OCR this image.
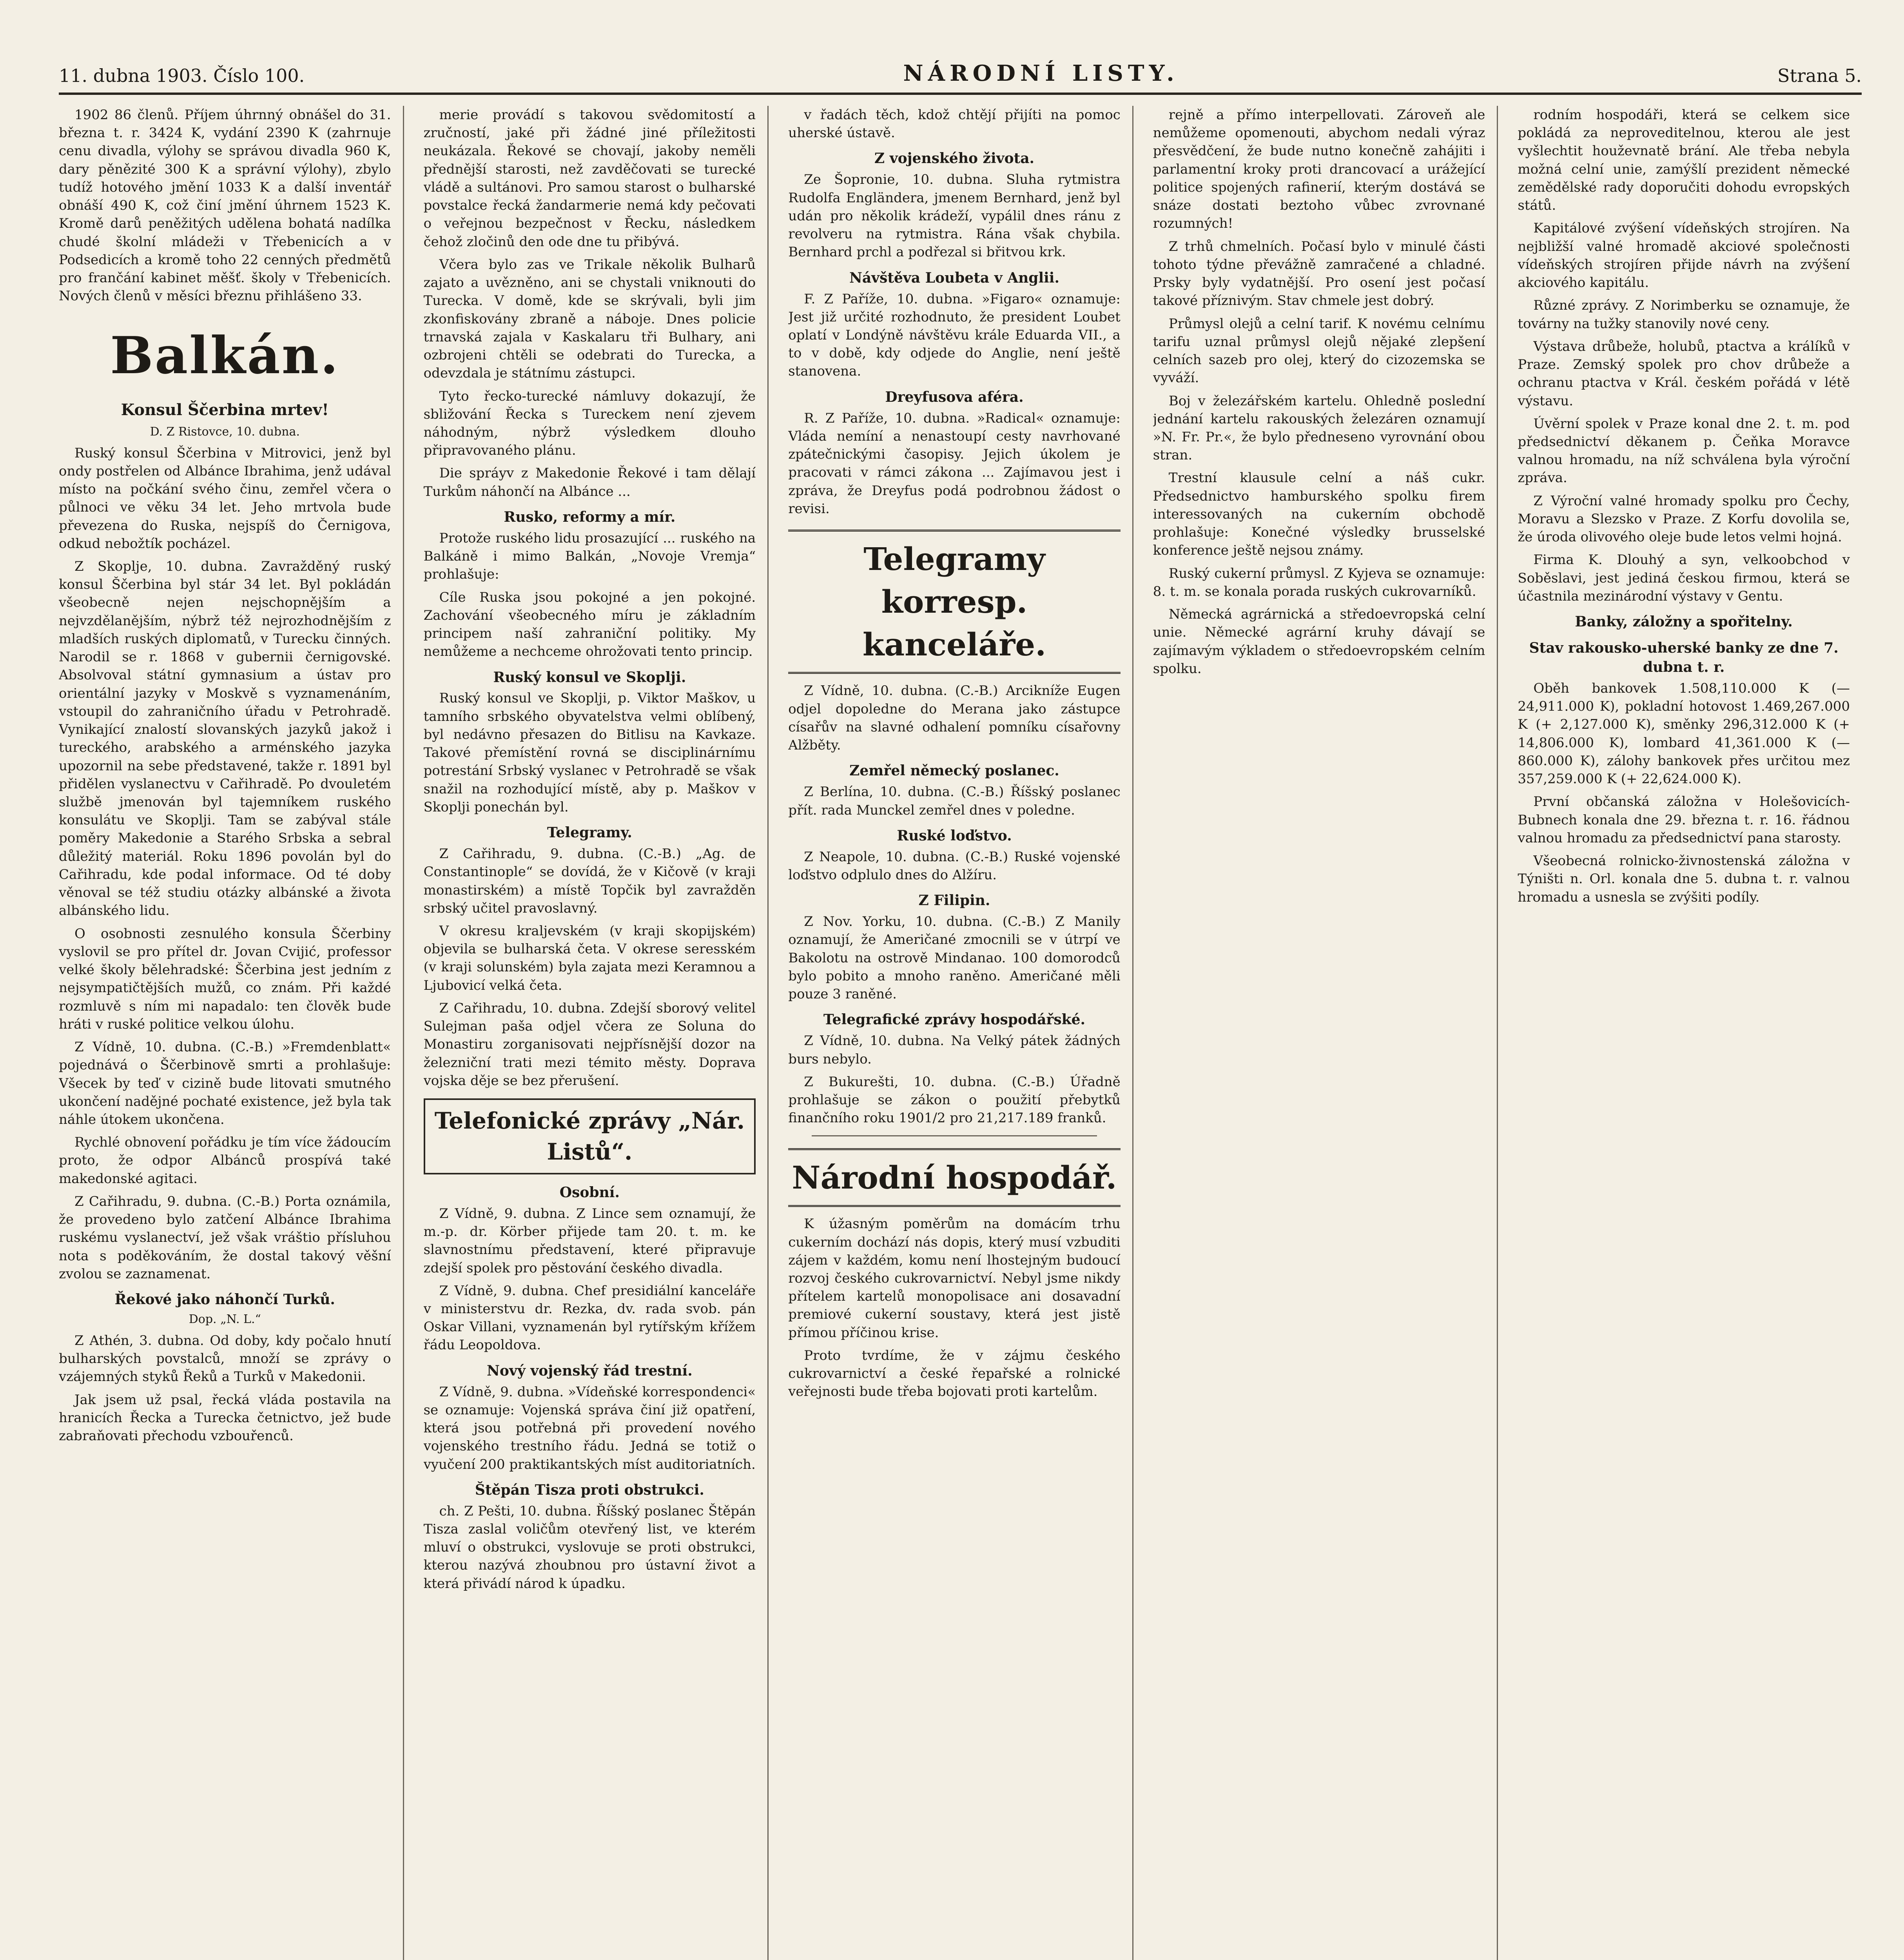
11. dubna 1903. Číslo 100.	NÁRODNÍ LISTY.	Strana 5.

1902 86 členů. Příjem úhrnný obnášel do 31. března t. r. 3424 K, vydání 2390 K (zahrnuje cenu divadla, výlohy se správou divadla 960 K, dary pěnězité 300 K a správní výlohy), zbylo tudíž hotového jmění 1033 K a další inventář obnáší 490 K, což činí jmění úhrnem 1523 K. Kromě darů peněžitých udělena bohatá nadílka chudé školní mládeži v Třebenicích a v Podsedicích a kromě toho 22 cenných předmětů pro frančání kabinet měšť. školy v Třebenicích. Nových členů v měsíci březnu přihlášeno 33.

Balkán.
Konsul Ščerbina mrtev!
D. Z Ristovce, 10. dubna.

Ruský konsul Ščerbina v Mitrovici, jenž byl ondy postřelen od Albánce Ibrahima, jenž udával místo na počkání svého činu, zemřel včera o půlnoci ve věku 34 let. Jeho mrtvola bude převezena do Ruska, nejspíš do Černigova, odkud nebožtík pocházel.

Z Skoplje, 10. dubna. Zavražděný ruský konsul Ščerbina byl stár 34 let. Byl pokládán všeobecně nejen nejschopnějším a nejvzdělanějším, nýbrž též nejrozhodnějším z mladších ruských diplomatů, v Turecku činných. Narodil se r. 1868 v gubernii černigovské. Absolvoval státní gymnasium a ústav pro orientální jazyky v Moskvě s vyznamenáním, vstoupil do zahraničního úřadu v Petrohradě. Vynikající znalostí slovanských jazyků jakož i tureckého, arabského a arménského jazyka upozornil na sebe představené, takže r. 1891 byl přidělen vyslanectvu v Cařihradě. Po dvouletém službě jmenován byl tajemníkem ruského konsulátu ve Skoplji. Tam se zabýval stále poměry Makedonie a Starého Srbska a sebral důležitý materiál. Roku 1896 povolán byl do Cařihradu, kde podal informace. Od té doby věnoval se též studiu otázky albánské a života albánského lidu.

O osobnosti zesnulého konsula Ščerbiny vyslovil se pro přítel dr. Jovan Cvijić, professor velké školy bělehradské: Ščerbina jest jedním z nejsympatičtějších mužů, co znám. Při každé rozmluvě s ním mi napadalo: ten člověk bude hráti v ruské politice velkou úlohu.

Z Vídně, 10. dubna. (C.-B.) »Fremdenblatt« pojednává o Ščerbinově smrti a prohlašuje: Všecek by teď v cizině bude litovati smutného ukončení nadějné pochaté existence, jež byla tak náhle útokem ukončena.

Rychlé obnovení pořádku je tím více žádoucím proto, že odpor Albánců prospívá také makedonské agitaci.

Z Cařihradu, 9. dubna. (C.-B.) Porta oznámila, že provedeno bylo zatčení Albánce Ibrahima ruskému vyslanectví, jež však vráštio přísluhou nota s poděkováním, že dostal takový věšní zvolou se zaznamenat.

Řekové jako náhončí Turků.
Dop. „N. L.“

Z Athén, 3. dubna. Od doby, kdy počalo hnutí bulharských povstalců, množí se zprávy o vzájemných styků Řeků a Turků v Makedonii.

Jak jsem už psal, řecká vláda postavila na hranicích Řecka a Turecka četnictvo, jež bude zabraňovati přechodu vzbouřenců.

merie provádí s takovou svědomitostí a zručností, jaké při žádné jiné příležitosti neukázala. Řekové se chovají, jakoby neměli přednější starosti, než zavděčovati se turecké vládě a sultánovi. Pro samou starost o bulharské povstalce řecká žandarmerie nemá kdy pečovati o veřejnou bezpečnost v Řecku, následkem čehož zločinů den ode dne tu přibývá.

Včera bylo zas ve Trikale několik Bulharů zajato a uvězněno, ani se chystali vniknouti do Turecka. V domě, kde se skrývali, byli jim zkonfiskovány zbraně a náboje. Dnes policie trnavská zajala v Kaskalaru tři Bulhary, ani ozbrojeni chtěli se odebrati do Turecka, a odevzdala je státnímu zástupci.

Tyto řecko-turecké námluvy dokazují, že sbližování Řecka s Tureckem není zjevem náhodným, nýbrž výsledkem dlouho připravovaného plánu.

Die spráyv z Makedonie Řekové i tam dělají Turkům náhončí na Albánce ...

Rusko, reformy a mír.

Protože ruského lidu prosazující ... ruského na Balkáně i mimo Balkán, „Novoje Vremja“ prohlašuje:

Cíle Ruska jsou pokojné a jen pokojné. Zachování všeobecného míru je základním principem naší zahraniční politiky. My nemůžeme a nechceme ohrožovati tento princip.

Ruský konsul ve Skoplji.

Ruský konsul ve Skoplji, p. Viktor Maškov, u tamního srbského obyvatelstva velmi oblíbený, byl nedávno přesazen do Bitlisu na Kavkaze. Takové přemístění rovná se disciplinárnímu potrestání Srbský vyslanec v Petrohradě se však snažil na rozhodující místě, aby p. Maškov v Skoplji ponechán byl.

Telegramy.

Z Cařihradu, 9. dubna. (C.-B.) „Ag. de Constantinople“ se dovídá, že v Kičově (v kraji monastirském) a místě Topčik byl zavražděn srbský učitel pravoslavný.

V okresu kraljevském (v kraji skopijském) objevila se bulharská četa. V okrese seresském (v kraji solunském) byla zajata mezi Keramnou a Ljubovicí velká četa.

Z Cařihradu, 10. dubna. Zdejší sborový velitel Sulejman paša odjel včera ze Soluna do Monastiru zorganisovati nejpřísnější dozor na železniční trati mezi témito městy. Doprava vojska děje se bez přerušení.

Telefonické zprávy „Nár. Listů“.
Osobní.

Z Vídně, 9. dubna. Z Lince sem oznamují, že m.-p. dr. Körber přijede tam 20. t. m. ke slavnostnímu představení, které připravuje zdejší spolek pro pěstování českého divadla.

Z Vídně, 9. dubna. Chef presidiální kanceláře v ministerstvu dr. Rezka, dv. rada svob. pán Oskar Villani, vyznamenán byl rytířským křížem řádu Leopoldova.

Nový vojenský řád trestní.

Z Vídně, 9. dubna. »Vídeňské korrespondenci« se oznamuje: Vojenská správa činí již opatření, která jsou potřebná při provedení nového vojenského trestního řádu. Jedná se totiž o vyučení 200 praktikantských míst auditoriatních.

Štěpán Tisza proti obstrukci.

ch. Z Pešti, 10. dubna. Říšský poslanec Štěpán Tisza zaslal voličům otevřený list, ve kterém mluví o obstrukci, vyslovuje se proti obstrukci, kterou nazývá zhoubnou pro ústavní život a která přivádí národ k úpadku.

v řadách těch, kdož chtějí přijíti na pomoc uherské ústavě.

Z vojenského života.

Ze Šopronie, 10. dubna. Sluha rytmistra Rudolfa Engländera, jmenem Bernhard, jenž byl udán pro několik krádeží, vypálil dnes ránu z revolveru na rytmistra. Rána však chybila. Bernhard prchl a podřezal si břitvou krk.

Návštěva Loubeta v Anglii.

F. Z Paříže, 10. dubna. »Figaro« oznamuje: Jest již určité rozhodnuto, že president Loubet oplatí v Londýně návštěvu krále Eduarda VII., a to v době, kdy odjede do Anglie, není ještě stanovena.

Dreyfusova aféra.

R. Z Paříže, 10. dubna. »Radical« oznamuje: Vláda nemíní a nenastoupí cesty navrhované zpátečnickými časopisy. Jejich úkolem je pracovati v rámci zákona ... Zajímavou jest i zpráva, že Dreyfus podá podrobnou žádost o revisi.

Telegramy korresp. kanceláře.

Z Vídně, 10. dubna. (C.-B.) Arcikníže Eugen odjel dopoledne do Merana jako zástupce císařův na slavné odhalení pomníku císařovny Alžběty.

Zemřel německý poslanec.

Z Berlína, 10. dubna. (C.-B.) Říšský poslanec přít. rada Munckel zemřel dnes v poledne.

Ruské loďstvo.

Z Neapole, 10. dubna. (C.-B.) Ruské vojenské loďstvo odplulo dnes do Alžíru.

Z Filipin.

Z Nov. Yorku, 10. dubna. (C.-B.) Z Manily oznamují, že Američané zmocnili se v útrpí ve Bakolotu na ostrově Mindanao. 100 domorodců bylo pobito a mnoho raněno. Američané měli pouze 3 raněné.

Telegrafické zprávy hospodářské.

Z Vídně, 10. dubna. Na Velký pátek žádných burs nebylo.

Z Bukurešti, 10. dubna. (C.-B.) Úřadně prohlašuje se zákon o použití přebytků finančního roku 1901/2 pro 21,217.189 franků.

Národní hospodář.

K úžasným poměrům na domácím trhu cukerním dochází nás dopis, který musí vzbuditi zájem v každém, komu není lhostejným budoucí rozvoj českého cukrovarnictví. Nebyl jsme nikdy přítelem kartelů monopolisace ani dosavadní premiové cukerní soustavy, která jest jistě přímou příčinou krise.

Proto tvrdíme, že v zájmu českého cukrovarnictví a české řepařské a rolnické veřejnosti bude třeba bojovati proti kartelům.

rejně a přímo interpellovati. Zároveň ale nemůžeme opomenouti, abychom nedali výraz přesvědčení, že bude nutno konečně zahájiti i parlamentní kroky proti drancovací a urážející politice spojených rafinerií, kterým dostává se snáze dostati beztoho vůbec zvrovnané rozumných!

Z trhů chmelních. Počasí bylo v minulé části tohoto týdne převážně zamračené a chladné. Prsky byly vydatnější. Pro osení jest počasí takové příznivým. Stav chmele jest dobrý.

Průmysl olejů a celní tarif. K novému celnímu tarifu uznal průmysl olejů nějaké zlepšení celních sazeb pro olej, který do cizozemska se vyváží.

Boj v železářském kartelu. Ohledně poslední jednání kartelu rakouských železáren oznamují »N. Fr. Pr.«, že bylo předneseno vyrovnání obou stran.

Trestní klausule celní a náš cukr. Předsednictvo hamburského spolku firem interessovaných na cukerním obchodě prohlašuje: Konečné výsledky brusselské konference ještě nejsou známy.

Ruský cukerní průmysl. Z Kyjeva se oznamuje: 8. t. m. se konala porada ruských cukrovarníků.

Německá agrárnická a středoevropská celní unie. Německé agrární kruhy dávají se zajímavým výkladem o středoevropském celním spolku.

rodním hospodáři, která se celkem sice pokládá za neproveditelnou, kterou ale jest vyšlechtit houževnatě brání. Ale třeba nebyla možná celní unie, zamýšlí prezident německé zemědělské rady doporučiti dohodu evropských států.

Kapitálové zvýšení vídeňských strojíren. Na nejbližší valné hromadě akciové společnosti vídeňských strojíren přijde návrh na zvýšení akciového kapitálu.

Různé zprávy. Z Norimberku se oznamuje, že továrny na tužky stanovily nové ceny.

Výstava drůbeže, holubů, ptactva a králíků v Praze. Zemský spolek pro chov drůbeže a ochranu ptactva v Král. českém pořádá v létě výstavu.

Úvěrní spolek v Praze konal dne 2. t. m. pod předsednictví děkanem p. Čeňka Moravce valnou hromadu, na níž schválena byla výroční zpráva.

Z Výroční valné hromady spolku pro Čechy, Moravu a Slezsko v Praze. Z Korfu dovolila se, že úroda olivového oleje bude letos velmi hojná.

Firma K. Dlouhý a syn, velkoobchod v Soběslavi, jest jediná českou firmou, která se účastnila mezinárodní výstavy v Gentu.

Banky, záložny a spořitelny.
Stav rakousko-uherské banky ze dne 7. dubna t. r.

Oběh bankovek 1.508,110.000 K (— 24,911.000 K), pokladní hotovost 1.469,267.000 K (+ 2,127.000 K), směnky 296,312.000 K (+ 14,806.000 K), lombard 41,361.000 K (— 860.000 K), zálohy bankovek přes určitou mez 357,259.000 K (+ 22,624.000 K).

První občanská záložna v Holešovicích-Bubnech konala dne 29. března t. r. 16. řádnou valnou hromadu za předsednictví pana starosty.

Všeobecná rolnicko-živnostenská záložna v Týništi n. Orl. konala dne 5. dubna t. r. valnou hromadu a usnesla se zvýšiti podíly.
